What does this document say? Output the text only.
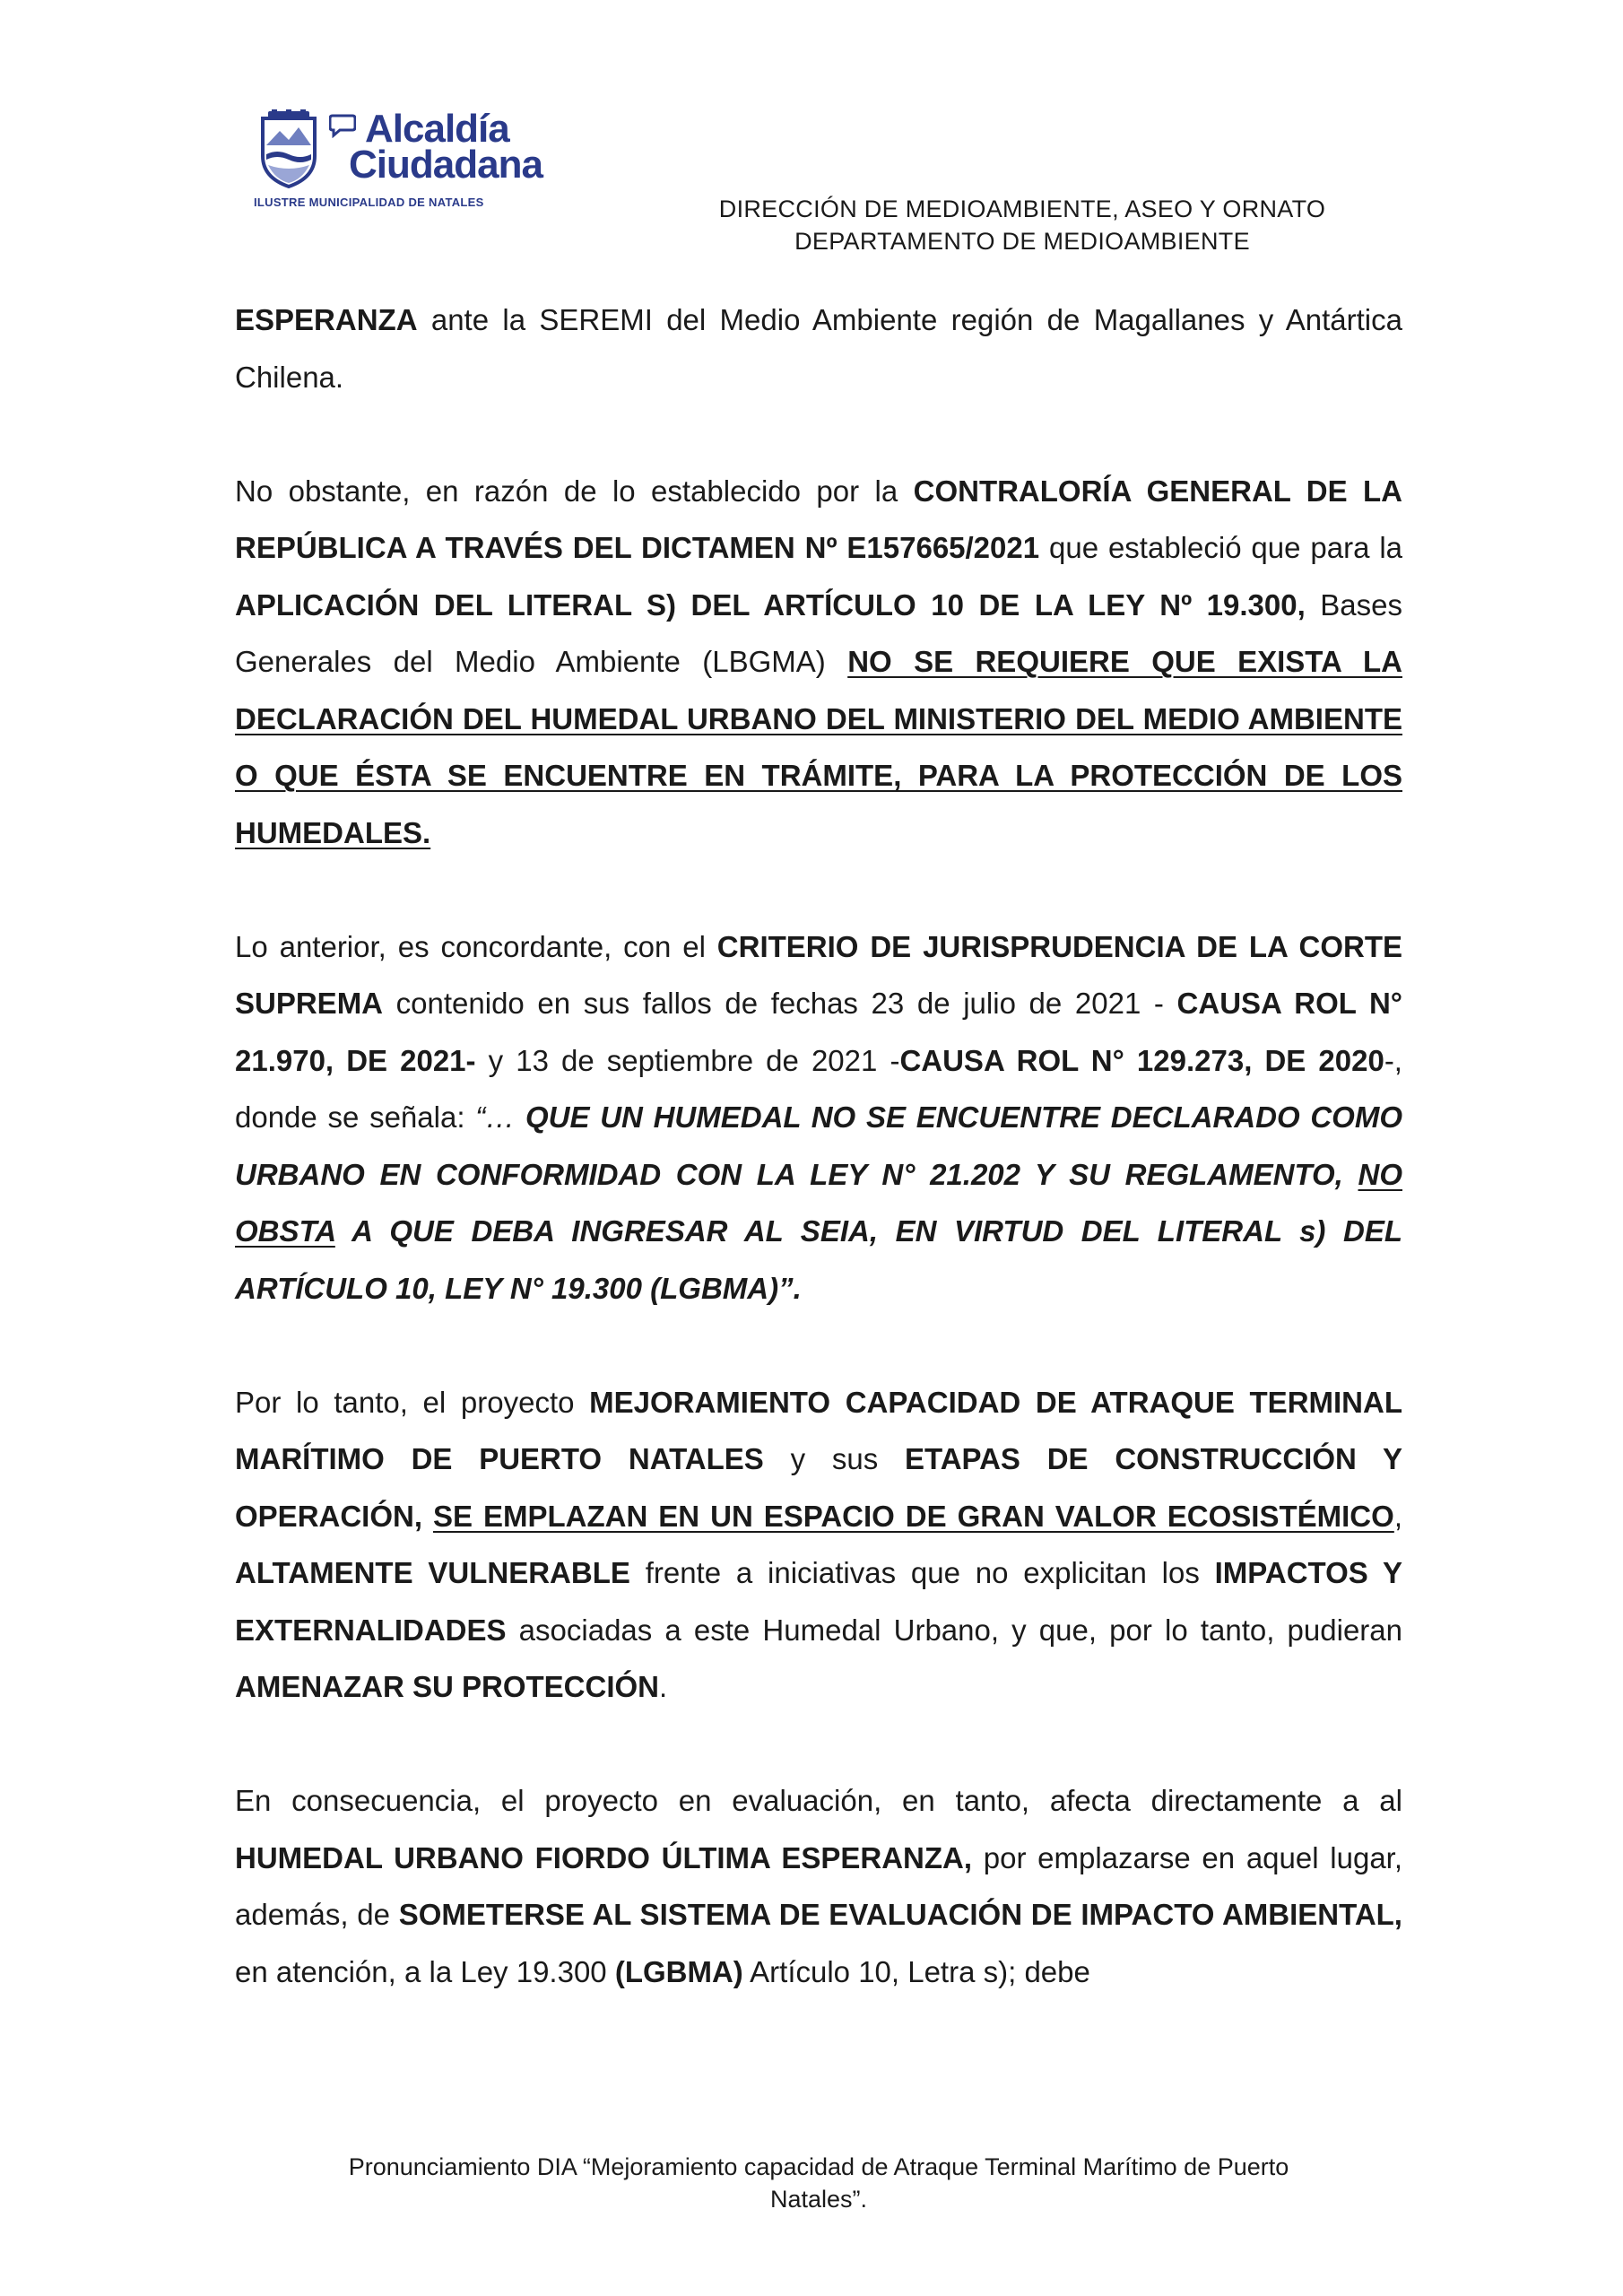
Alcaldía
Ciudadana
ILUSTRE MUNICIPALIDAD DE NATALES	DIRECCIÓN DE MEDIOAMBIENTE, ASEO Y ORNATO
DEPARTAMENTO DE MEDIOAMBIENTE

ESPERANZA ante la SEREMI del Medio Ambiente región de Magallanes y Antártica Chilena.

No obstante, en razón de lo establecido por la CONTRALORÍA GENERAL DE LA REPÚBLICA A TRAVÉS DEL DICTAMEN Nº E157665/2021 que estableció que para la APLICACIÓN DEL LITERAL S) DEL ARTÍCULO 10 DE LA LEY Nº 19.300, Bases Generales del Medio Ambiente (LBGMA) NO SE REQUIERE QUE EXISTA LA DECLARACIÓN DEL HUMEDAL URBANO DEL MINISTERIO DEL MEDIO AMBIENTE O QUE ÉSTA SE ENCUENTRE EN TRÁMITE, PARA LA PROTECCIÓN DE LOS HUMEDALES.

Lo anterior, es concordante, con el CRITERIO DE JURISPRUDENCIA DE LA CORTE SUPREMA contenido en sus fallos de fechas 23 de julio de 2021 - CAUSA ROL N° 21.970, DE 2021- y 13 de septiembre de 2021 -CAUSA ROL N° 129.273, DE 2020-, donde se señala: “… QUE UN HUMEDAL NO SE ENCUENTRE DECLARADO COMO URBANO EN CONFORMIDAD CON LA LEY N° 21.202 Y SU REGLAMENTO, NO OBSTA A QUE DEBA INGRESAR AL SEIA, EN VIRTUD DEL LITERAL s) DEL ARTÍCULO 10, LEY N° 19.300 (LGBMA)”.

Por lo tanto, el proyecto MEJORAMIENTO CAPACIDAD DE ATRAQUE TERMINAL MARÍTIMO DE PUERTO NATALES y sus ETAPAS DE CONSTRUCCIÓN Y OPERACIÓN, SE EMPLAZAN EN UN ESPACIO DE GRAN VALOR ECOSISTÉMICO, ALTAMENTE VULNERABLE frente a iniciativas que no explicitan los IMPACTOS Y EXTERNALIDADES asociadas a este Humedal Urbano, y que, por lo tanto, pudieran AMENAZAR SU PROTECCIÓN.

En consecuencia, el proyecto en evaluación, en tanto, afecta directamente a al HUMEDAL URBANO FIORDO ÚLTIMA ESPERANZA, por emplazarse en aquel lugar, además, de SOMETERSE AL SISTEMA DE EVALUACIÓN DE IMPACTO AMBIENTAL, en atención, a la Ley 19.300 (LGBMA) Artículo 10, Letra s); debe

Pronunciamiento DIA “Mejoramiento capacidad de Atraque Terminal Marítimo de Puerto
Natales”.
